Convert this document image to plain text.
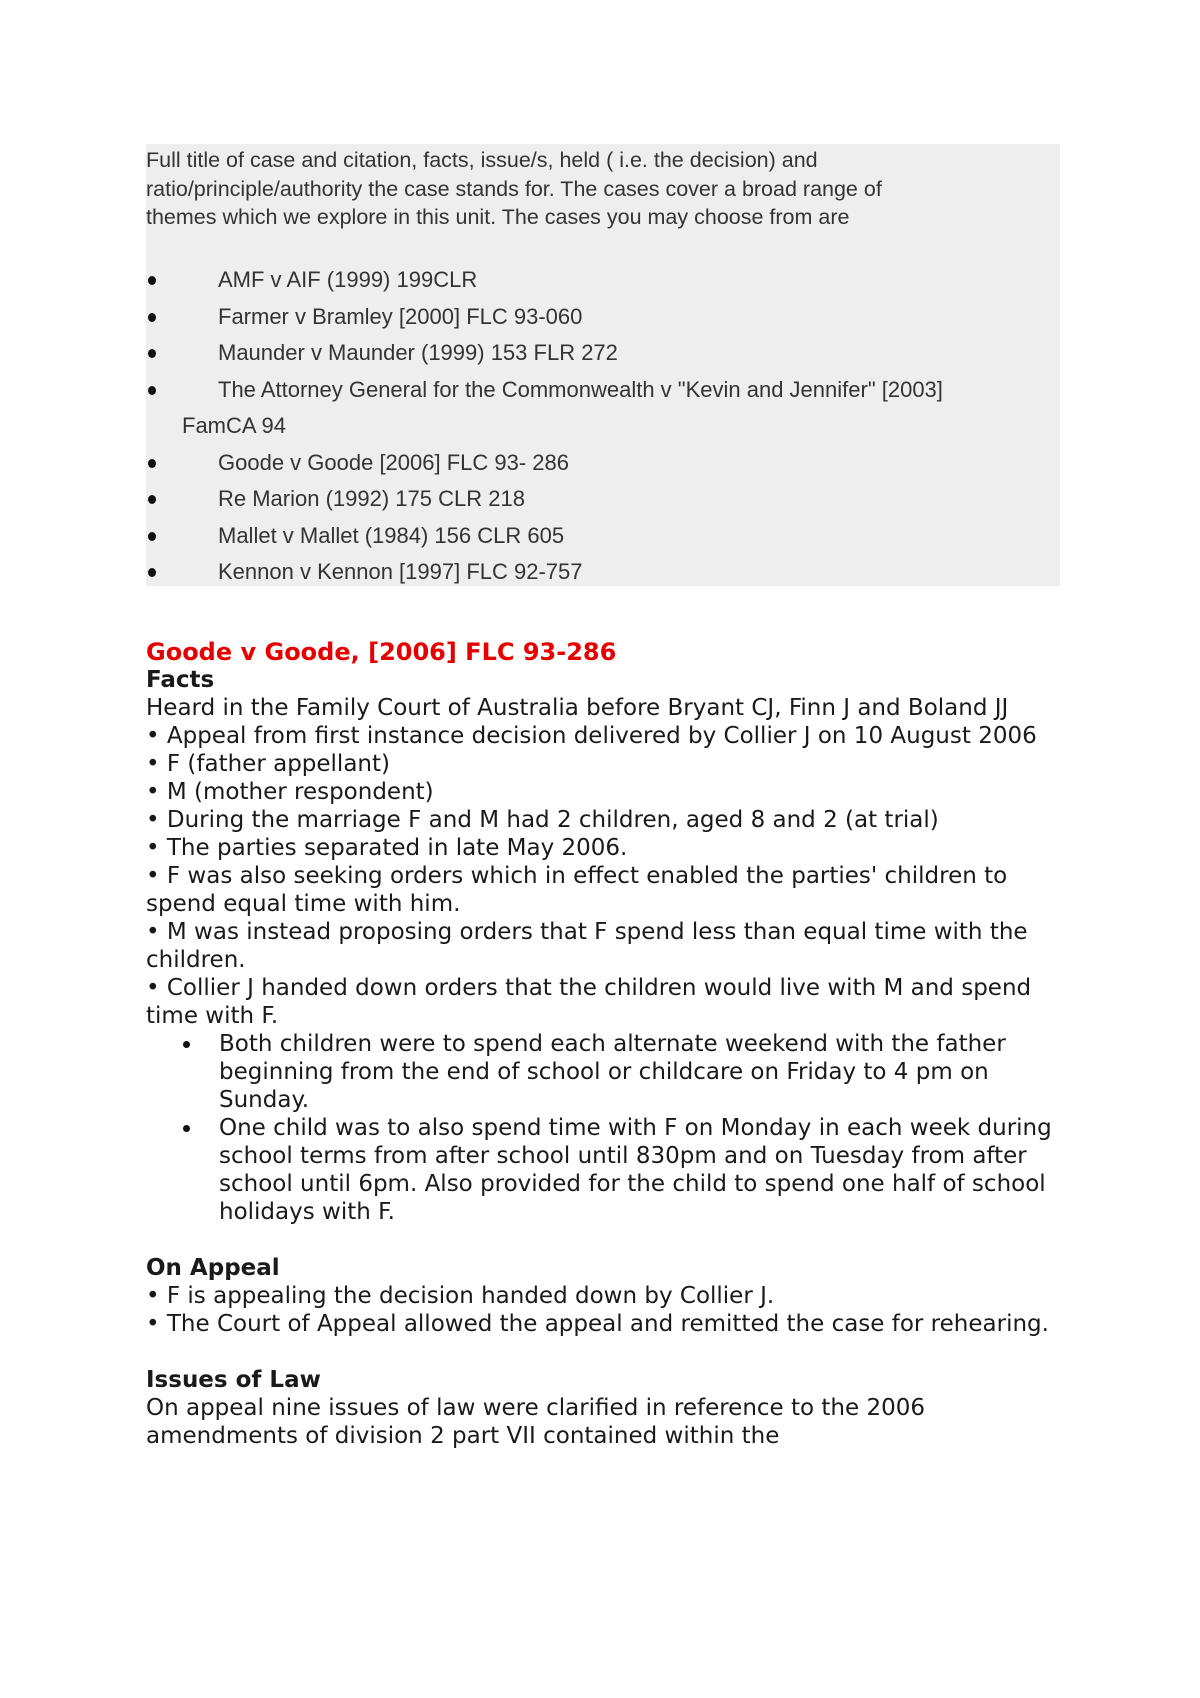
Full title of case and citation, facts, issue/s, held ( i.e. the decision) and
ratio/principle/authority the case stands for. The cases cover a broad range of
themes which we explore in this unit. The cases you may choose from are

AMF v AIF (1999) 199CLR
Farmer v Bramley [2000] FLC 93-060
Maunder v Maunder (1999) 153 FLR 272
The Attorney General for the Commonwealth v "Kevin and Jennifer" [2003]
FamCA 94
Goode v Goode [2006] FLC 93- 286
Re Marion (1992) 175 CLR 218
Mallet v Mallet (1984) 156 CLR 605
Kennon v Kennon [1997] FLC 92-757

Goode v Goode, [2006] FLC 93-286

Facts

Heard in the Family Court of Australia before Bryant CJ, Finn J and Boland JJ

• Appeal from first instance decision delivered by Collier J on 10 August 2006

• F (father appellant)

• M (mother respondent)

• During the marriage F and M had 2 children, aged 8 and 2 (at trial)

• The parties separated in late May 2006.

• F was also seeking orders which in effect enabled the parties' children to spend equal time with him.

• M was instead proposing orders that F spend less than equal time with the children.

• Collier J handed down orders that the children would live with M and spend time with F.

Both children were to spend each alternate weekend with the father beginning from the end of school or childcare on Friday to 4 pm on Sunday.
One child was to also spend time with F on Monday in each week during school terms from after school until 830pm and on Tuesday from after school until 6pm. Also provided for the child to spend one half of school holidays with F.

On Appeal

• F is appealing the decision handed down by Collier J.

• The Court of Appeal allowed the appeal and remitted the case for rehearing.

Issues of Law

On appeal nine issues of law were clarified in reference to the 2006 amendments of division 2 part VII contained within the
